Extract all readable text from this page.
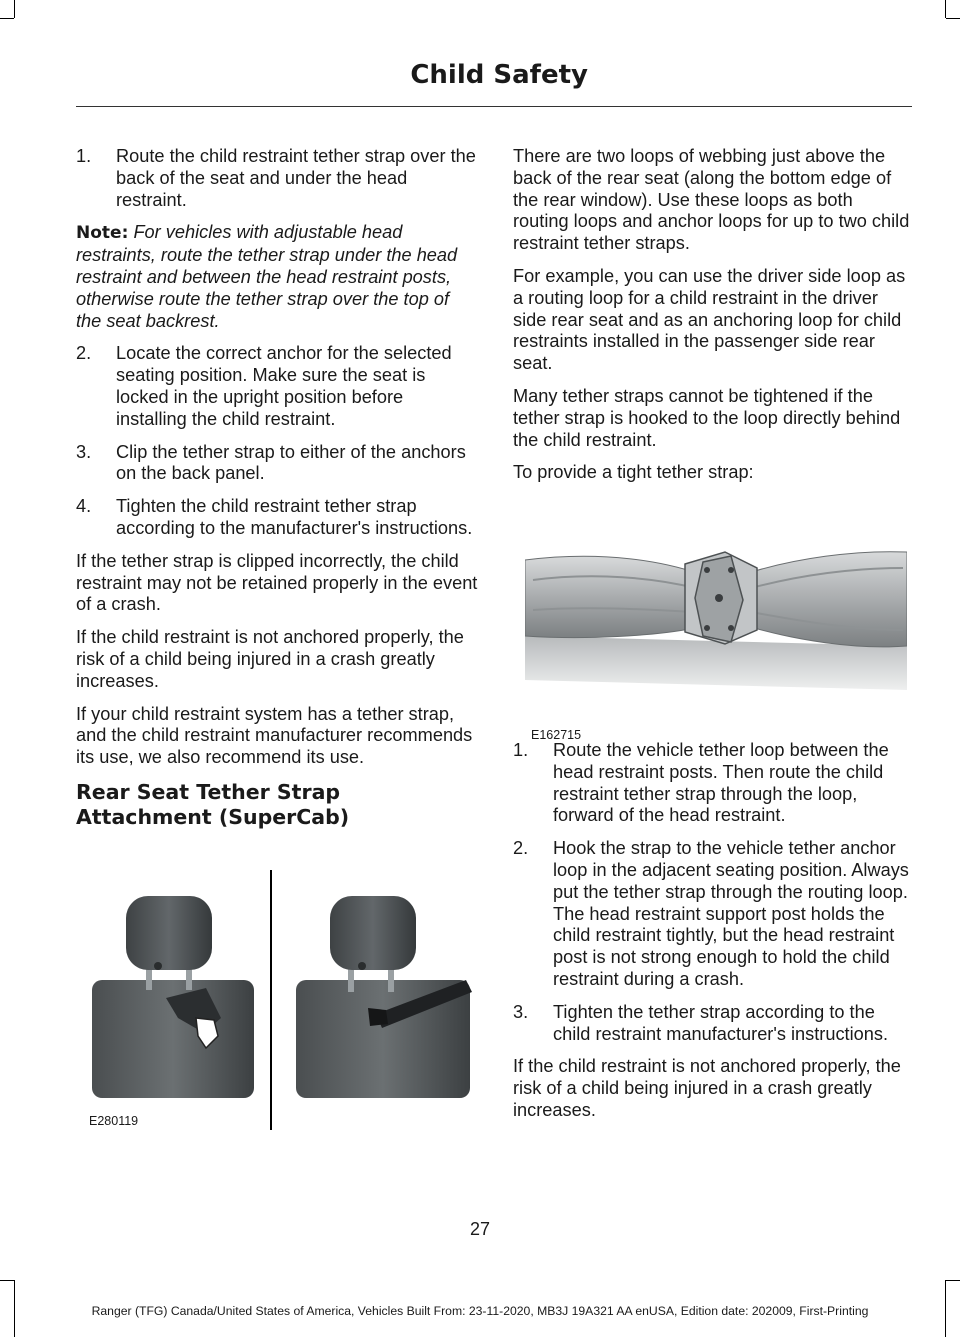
Child Safety
1.	Route the child restraint tether strap over the back of the seat and under the head restraint.

Note: For vehicles with adjustable head restraints, route the tether strap under the head restraint and between the head restraint posts, otherwise route the tether strap over the top of the seat backrest.

2.	Locate the correct anchor for the selected seating position. Make sure the seat is locked in the upright position before installing the child restraint.
3.	Clip the tether strap to either of the anchors on the back panel.
4.	Tighten the child restraint tether strap according to the manufacturer's instructions.

If the tether strap is clipped incorrectly, the child restraint may not be retained properly in the event of a crash.

If the child restraint is not anchored properly, the risk of a child being injured in a crash greatly increases.

If your child restraint system has a tether strap, and the child restraint manufacturer recommends its use, we also recommend its use.

Rear Seat Tether Strap Attachment (SuperCab)
E280119

There are two loops of webbing just above the back of the rear seat (along the bottom edge of the rear window). Use these loops as both routing loops and anchor loops for up to two child restraint tether straps.

For example, you can use the driver side loop as a routing loop for a child restraint in the driver side rear seat and as an anchoring loop for child restraints installed in the passenger side rear seat.

Many tether straps cannot be tightened if the tether strap is hooked to the loop directly behind the child restraint.

To provide a tight tether strap:

E162715
1.	Route the vehicle tether loop between the head restraint posts. Then route the child restraint tether strap through the loop, forward of the head restraint.
2.	Hook the strap to the vehicle tether anchor loop in the adjacent seating position. Always put the tether strap through the routing loop. The head restraint support post holds the child restraint tightly, but the head restraint post is not strong enough to hold the child restraint during a crash.
3.	Tighten the tether strap according to the child restraint manufacturer's instructions.

If the child restraint is not anchored properly, the risk of a child being injured in a crash greatly increases.

27
Ranger (TFG) Canada/United States of America, Vehicles Built From: 23-11-2020, MB3J 19A321 AA enUSA, Edition date: 202009, First-Printing
